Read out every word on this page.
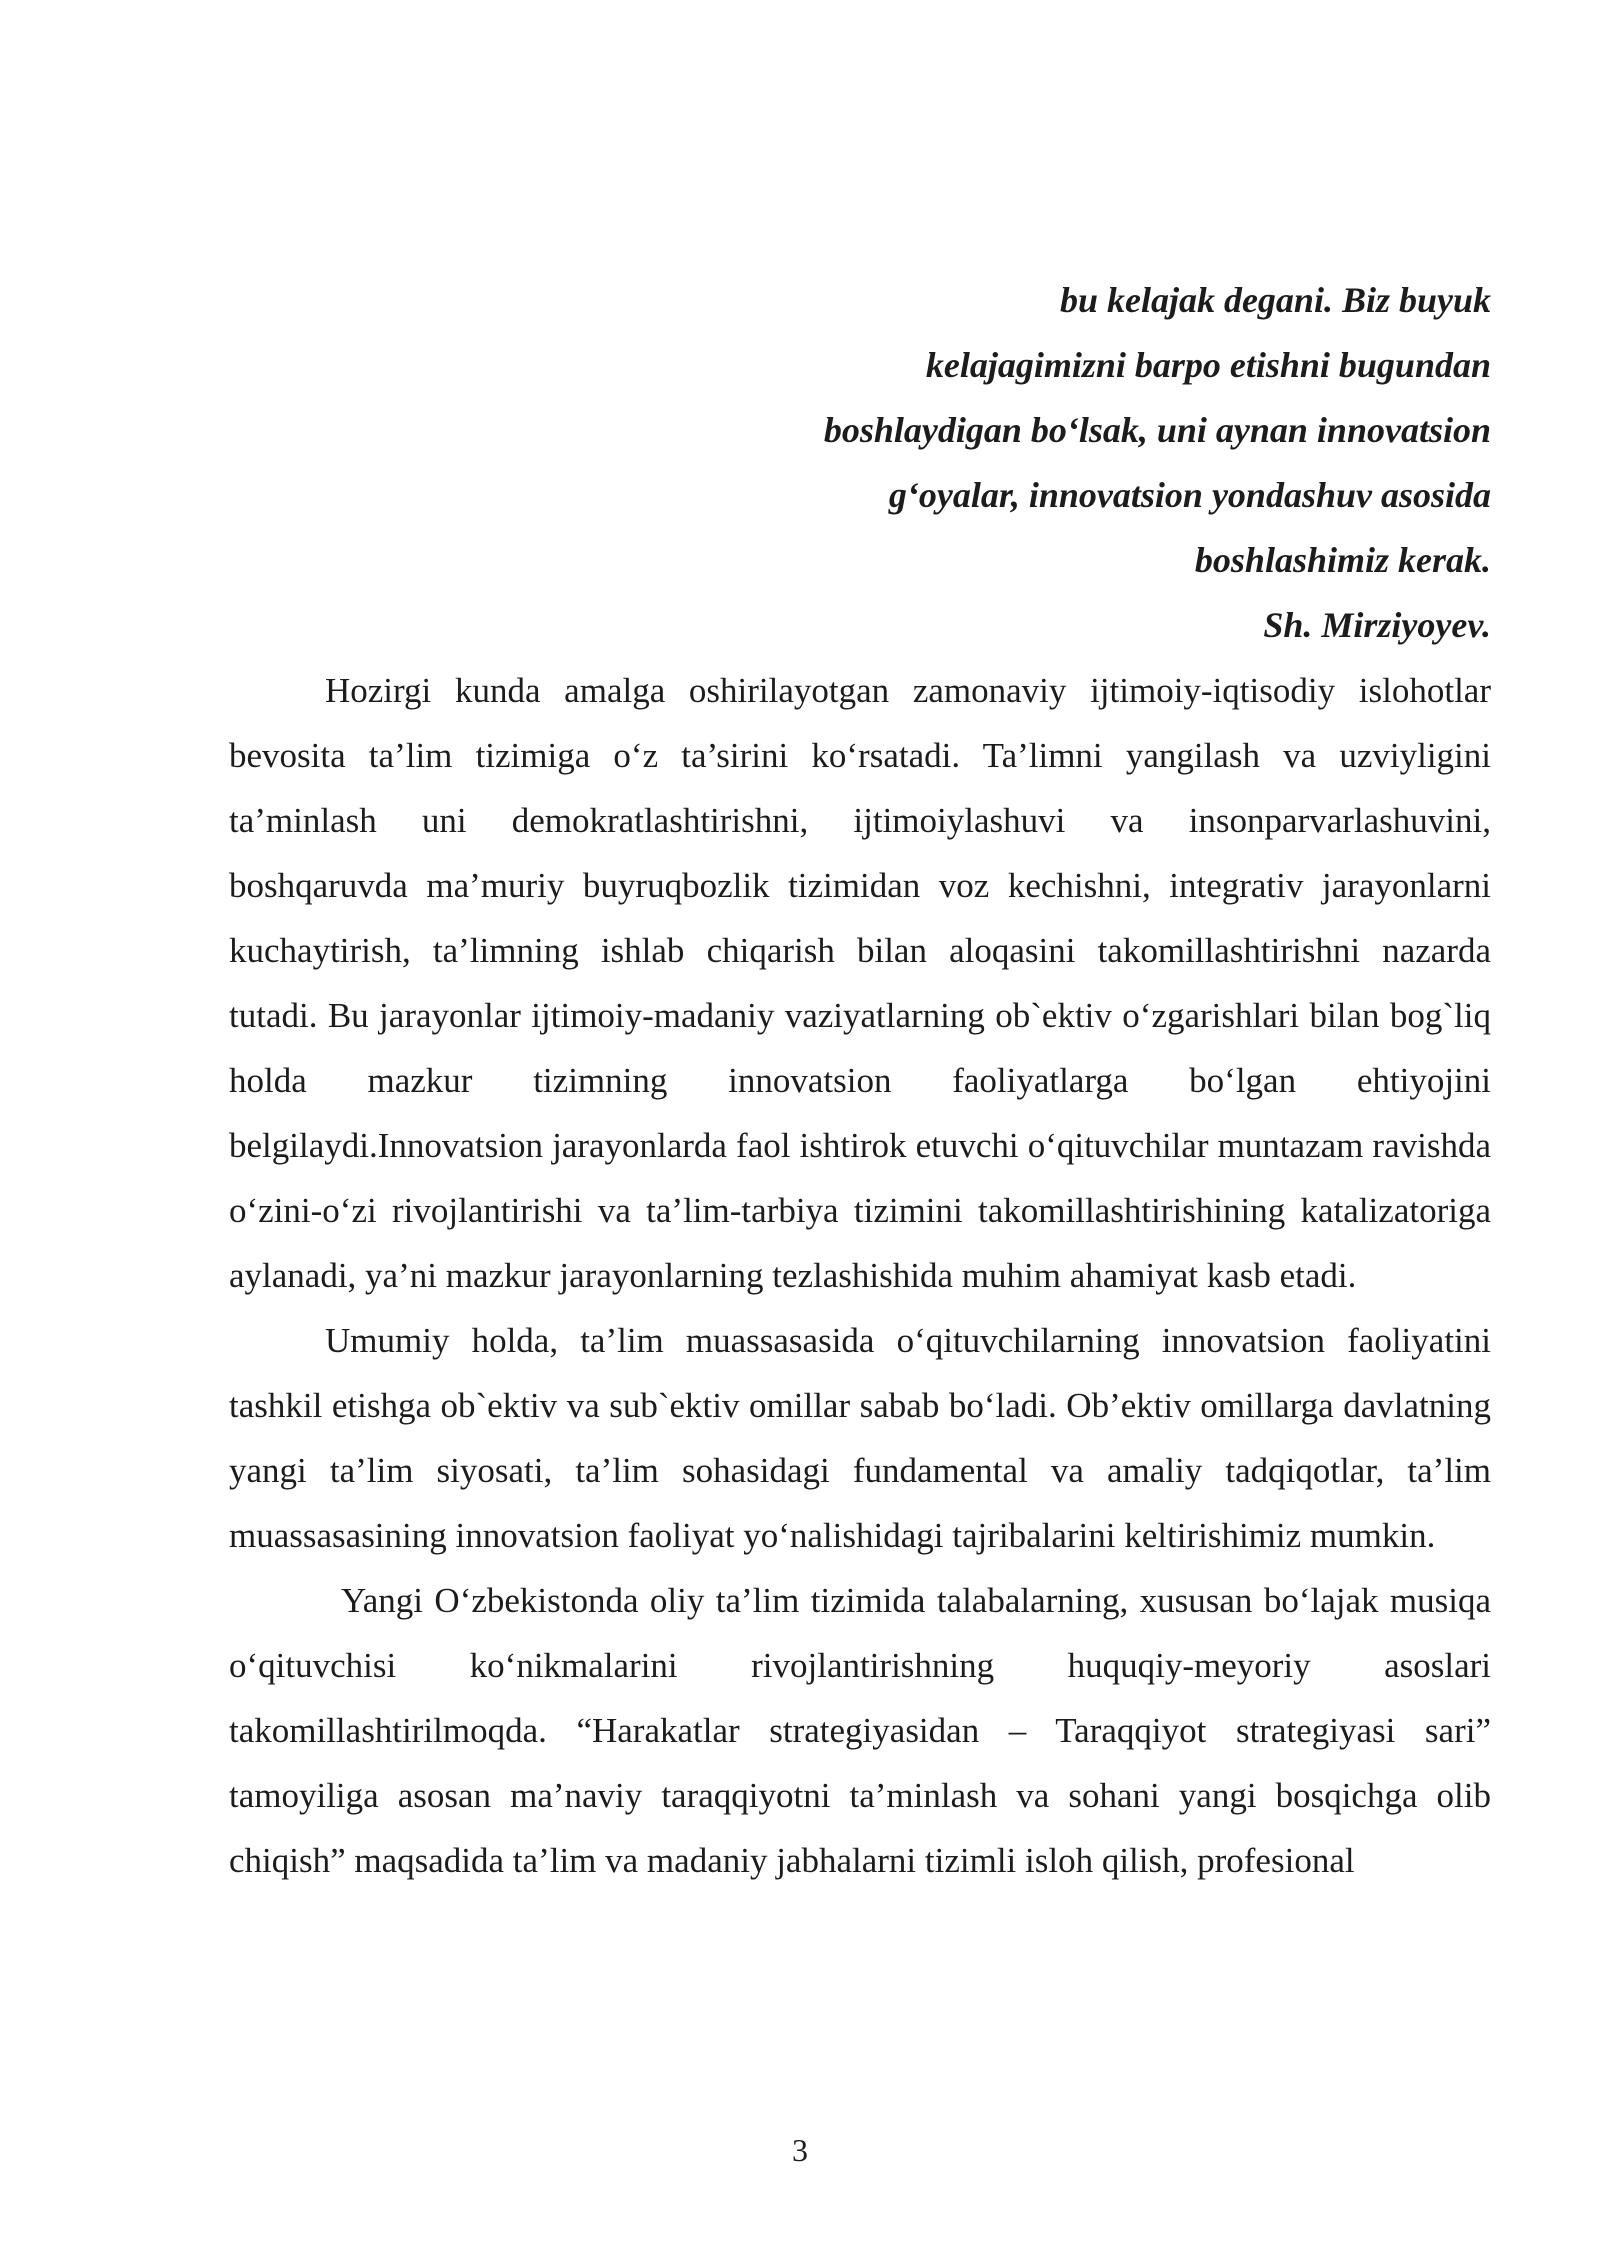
bu kelajak degani. Biz buyuk
kelajagimizni barpo etishni bugundan
boshlaydigan bo‘lsak, uni aynan innovatsion
g‘oyalar, innovatsion yondashuv asosida
boshlashimiz kerak.
Sh. Mirziyoyev.

Hozirgi kunda amalga oshirilayotgan zamonaviy ijtimoiy-iqtisodiy islohotlar bevosita ta’lim tizimiga o‘z ta’sirini ko‘rsatadi. Ta’limni yangilash va uzviyligini ta’minlash uni demokratlashtirishni, ijtimoiylashuvi va insonparvarlashuvini, boshqaruvda ma’muriy buyruqbozlik tizimidan voz kechishni, integrativ jarayonlarni kuchaytirish, ta’limning ishlab chiqarish bilan aloqasini takomillashtirishni nazarda tutadi. Bu jarayonlar ijtimoiy-madaniy vaziyatlarning ob`ektiv o‘zgarishlari bilan bog`liq holda mazkur tizimning innovatsion faoliyatlarga bo‘lgan ehtiyojini belgilaydi.Innovatsion jarayonlarda faol ishtirok etuvchi o‘qituvchilar muntazam ravishda o‘zini-o‘zi rivojlantirishi va ta’lim-tarbiya tizimini takomillashtirishining katalizatoriga aylanadi, ya’ni mazkur jarayonlarning tezlashishida muhim ahamiyat kasb etadi.

Umumiy holda, ta’lim muassasasida o‘qituvchilarning innovatsion faoliyatini tashkil etishga ob`ektiv va sub`ektiv omillar sabab bo‘ladi. Ob’ektiv omillarga davlatning yangi ta’lim siyosati, ta’lim sohasidagi fundamental va amaliy tadqiqotlar, ta’lim muassasasining innovatsion faoliyat yo‘nalishidagi tajribalarini keltirishimiz mumkin.

Yangi O‘zbekistonda oliy ta’lim tizimida talabalarning, xususan bo‘lajak musiqa o‘qituvchisi ko‘nikmalarini rivojlantirishning huquqiy-meyoriy asoslari takomillashtirilmoqda. “Harakatlar strategiyasidan – Taraqqiyot strategiyasi sari” tamoyiliga asosan ma’naviy taraqqiyotni ta’minlash va sohani yangi bosqichga olib chiqish” maqsadida ta’lim va madaniy jabhalarni tizimli isloh qilish, profesional

3
